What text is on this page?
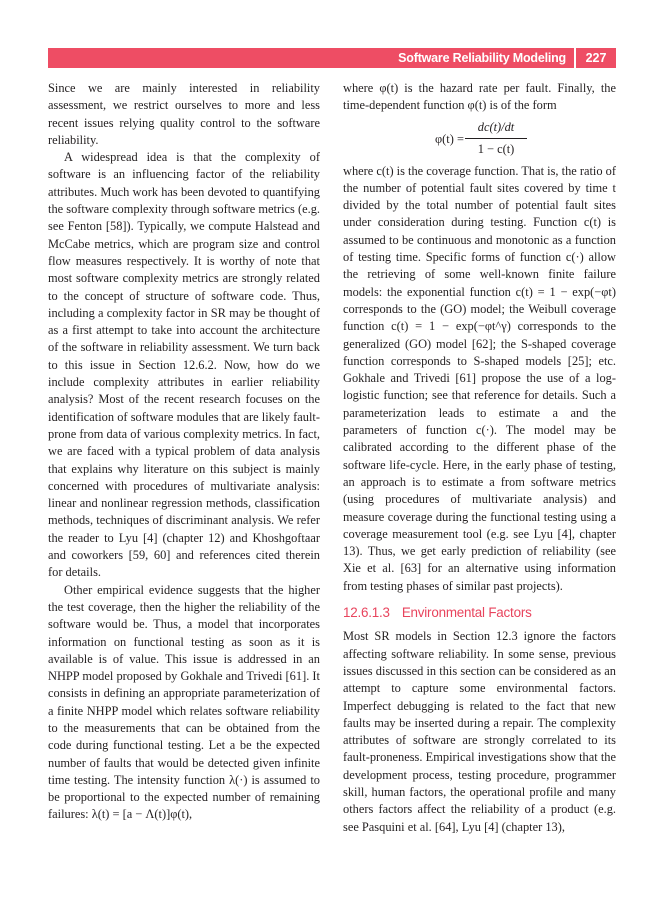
Software Reliability Modeling	227

Since we are mainly interested in reliability assessment, we restrict ourselves to more and less recent issues relying quality control to the software reliability.

A widespread idea is that the complexity of software is an influencing factor of the reliability attributes. Much work has been devoted to quantifying the software complexity through software metrics (e.g. see Fenton [58]). Typically, we compute Halstead and McCabe metrics, which are program size and control flow measures respectively. It is worthy of note that most software complexity metrics are strongly related to the concept of structure of software code. Thus, including a complexity factor in SR may be thought of as a first attempt to take into account the architecture of the software in reliability assessment. We turn back to this issue in Section 12.6.2. Now, how do we include complexity attributes in earlier reliability analysis? Most of the recent research focuses on the identification of software modules that are likely fault-prone from data of various complexity metrics. In fact, we are faced with a typical problem of data analysis that explains why literature on this subject is mainly concerned with procedures of multivariate analysis: linear and nonlinear regression methods, classification methods, techniques of discriminant analysis. We refer the reader to Lyu [4] (chapter 12) and Khoshgoftaar and coworkers [59, 60] and references cited therein for details.

Other empirical evidence suggests that the higher the test coverage, then the higher the reliability of the software would be. Thus, a model that incorporates information on functional testing as soon as it is available is of value. This issue is addressed in an NHPP model proposed by Gokhale and Trivedi [61]. It consists in defining an appropriate parameterization of a finite NHPP model which relates software reliability to the measurements that can be obtained from the code during functional testing. Let a be the expected number of faults that would be detected given infinite time testing. The intensity function λ(·) is assumed to be proportional to the expected number of remaining failures: λ(t) = [a − Λ(t)]φ(t),

where φ(t) is the hazard rate per fault. Finally, the time-dependent function φ(t) is of the form

φ(t) =
dc(t)/dt
1 − c(t)

where c(t) is the coverage function. That is, the ratio of the number of potential fault sites covered by time t divided by the total number of potential fault sites under consideration during testing. Function c(t) is assumed to be continuous and monotonic as a function of testing time. Specific forms of function c(·) allow the retrieving of some well-known finite failure models: the exponential function c(t) = 1 − exp(−φt) corresponds to the (GO) model; the Weibull coverage function c(t) = 1 − exp(−φt^γ) corresponds to the generalized (GO) model [62]; the S-shaped coverage function corresponds to S-shaped models [25]; etc. Gokhale and Trivedi [61] propose the use of a log-logistic function; see that reference for details. Such a parameterization leads to estimate a and the parameters of function c(·). The model may be calibrated according to the different phase of the software life-cycle. Here, in the early phase of testing, an approach is to estimate a from software metrics (using procedures of multivariate analysis) and measure coverage during the functional testing using a coverage measurement tool (e.g. see Lyu [4], chapter 13). Thus, we get early prediction of reliability (see Xie et al. [63] for an alternative using information from testing phases of similar past projects).

12.6.1.3 Environmental Factors

Most SR models in Section 12.3 ignore the factors affecting software reliability. In some sense, previous issues discussed in this section can be considered as an attempt to capture some environmental factors. Imperfect debugging is related to the fact that new faults may be inserted during a repair. The complexity attributes of software are strongly correlated to its fault-proneness. Empirical investigations show that the development process, testing procedure, programmer skill, human factors, the operational profile and many others factors affect the reliability of a product (e.g. see Pasquini et al. [64], Lyu [4] (chapter 13),
